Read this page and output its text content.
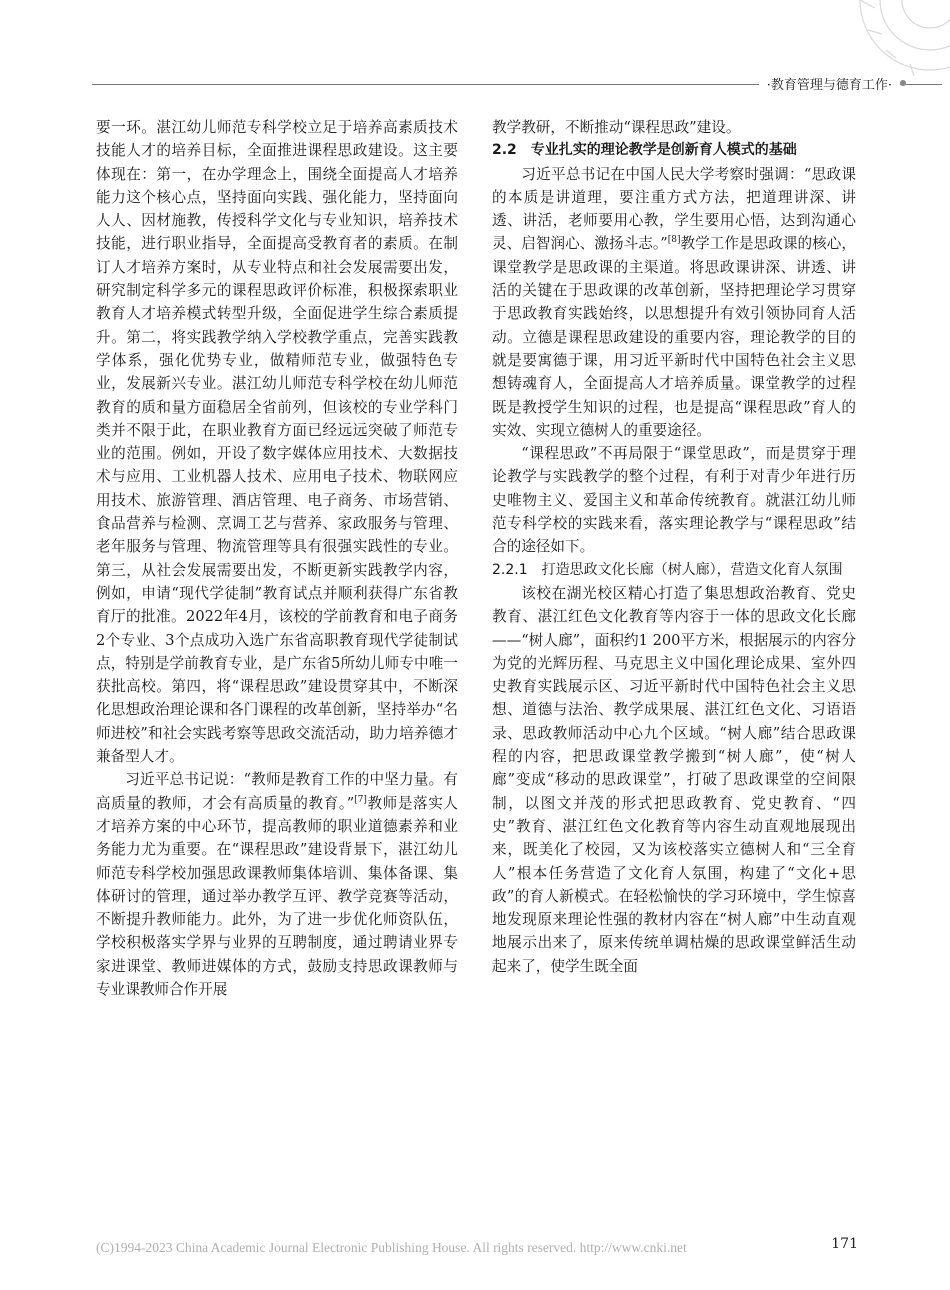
·教育管理与德育工作·

要一环。湛江幼儿师范专科学校立足于培养高素质技术技能人才的培养目标，全面推进课程思政建设。这主要体现在：第一，在办学理念上，围绕全面提高人才培养能力这个核心点，坚持面向实践、强化能力，坚持面向人人、因材施教，传授科学文化与专业知识，培养技术技能，进行职业指导，全面提高受教育者的素质。在制订人才培养方案时，从专业特点和社会发展需要出发，研究制定科学多元的课程思政评价标准，积极探索职业教育人才培养模式转型升级，全面促进学生综合素质提升。第二，将实践教学纳入学校教学重点，完善实践教学体系，强化优势专业，做精师范专业，做强特色专业，发展新兴专业。湛江幼儿师范专科学校在幼儿师范教育的质和量方面稳居全省前列，但该校的专业学科门类并不限于此，在职业教育方面已经远远突破了师范专业的范围。例如，开设了数字媒体应用技术、大数据技术与应用、工业机器人技术、应用电子技术、物联网应用技术、旅游管理、酒店管理、电子商务、市场营销、食品营养与检测、烹调工艺与营养、家政服务与管理、老年服务与管理、物流管理等具有很强实践性的专业。第三，从社会发展需要出发，不断更新实践教学内容，例如，申请“现代学徒制”教育试点并顺利获得广东省教育厅的批准。2022年4月，该校的学前教育和电子商务2个专业、3个点成功入选广东省高职教育现代学徒制试点，特别是学前教育专业，是广东省5所幼儿师专中唯一获批高校。第四，将“课程思政”建设贯穿其中，不断深化思想政治理论课和各门课程的改革创新，坚持举办“名师进校”和社会实践考察等思政交流活动，助力培养德才兼备型人才。

习近平总书记说：“教师是教育工作的中坚力量。有高质量的教师，才会有高质量的教育。”[7]教师是落实人才培养方案的中心环节，提高教师的职业道德素养和业务能力尤为重要。在“课程思政”建设背景下，湛江幼儿师范专科学校加强思政课教师集体培训、集体备课、集体研讨的管理，通过举办教学互评、教学竞赛等活动，不断提升教师能力。此外，为了进一步优化师资队伍，学校积极落实学界与业界的互聘制度，通过聘请业界专家进课堂、教师进媒体的方式，鼓励支持思政课教师与专业课教师合作开展

教学教研，不断推动“课程思政”建设。

2.2　专业扎实的理论教学是创新育人模式的基础

习近平总书记在中国人民大学考察时强调：“思政课的本质是讲道理，要注重方式方法，把道理讲深、讲透、讲活，老师要用心教，学生要用心悟，达到沟通心灵、启智润心、激扬斗志。”[8]教学工作是思政课的核心，课堂教学是思政课的主渠道。将思政课讲深、讲透、讲活的关键在于思政课的改革创新，坚持把理论学习贯穿于思政教育实践始终，以思想提升有效引领协同育人活动。立德是课程思政建设的重要内容，理论教学的目的就是要寓德于课，用习近平新时代中国特色社会主义思想铸魂育人，全面提高人才培养质量。课堂教学的过程既是教授学生知识的过程，也是提高“课程思政”育人的实效、实现立德树人的重要途径。

“课程思政”不再局限于“课堂思政”，而是贯穿于理论教学与实践教学的整个过程，有利于对青少年进行历史唯物主义、爱国主义和革命传统教育。就湛江幼儿师范专科学校的实践来看，落实理论教学与“课程思政”结合的途径如下。

2.2.1　打造思政文化长廊（树人廊），营造文化育人氛围

该校在湖光校区精心打造了集思想政治教育、党史教育、湛江红色文化教育等内容于一体的思政文化长廊——“树人廊”，面积约1 200平方米，根据展示的内容分为党的光辉历程、马克思主义中国化理论成果、室外四史教育实践展示区、习近平新时代中国特色社会主义思想、道德与法治、教学成果展、湛江红色文化、习语语录、思政教师活动中心九个区域。“树人廊”结合思政课程的内容，把思政课堂教学搬到“树人廊”，使“树人廊”变成“移动的思政课堂”，打破了思政课堂的空间限制，以图文并茂的形式把思政教育、党史教育、“四史”教育、湛江红色文化教育等内容生动直观地展现出来，既美化了校园，又为该校落实立德树人和“三全育人”根本任务营造了文化育人氛围，构建了“文化+思政”的育人新模式。在轻松愉快的学习环境中，学生惊喜地发现原来理论性强的教材内容在“树人廊”中生动直观地展示出来了，原来传统单调枯燥的思政课堂鲜活生动起来了，使学生既全面

(C)1994-2023 China Academic Journal Electronic Publishing House. All rights reserved. http://www.cnki.net	171
